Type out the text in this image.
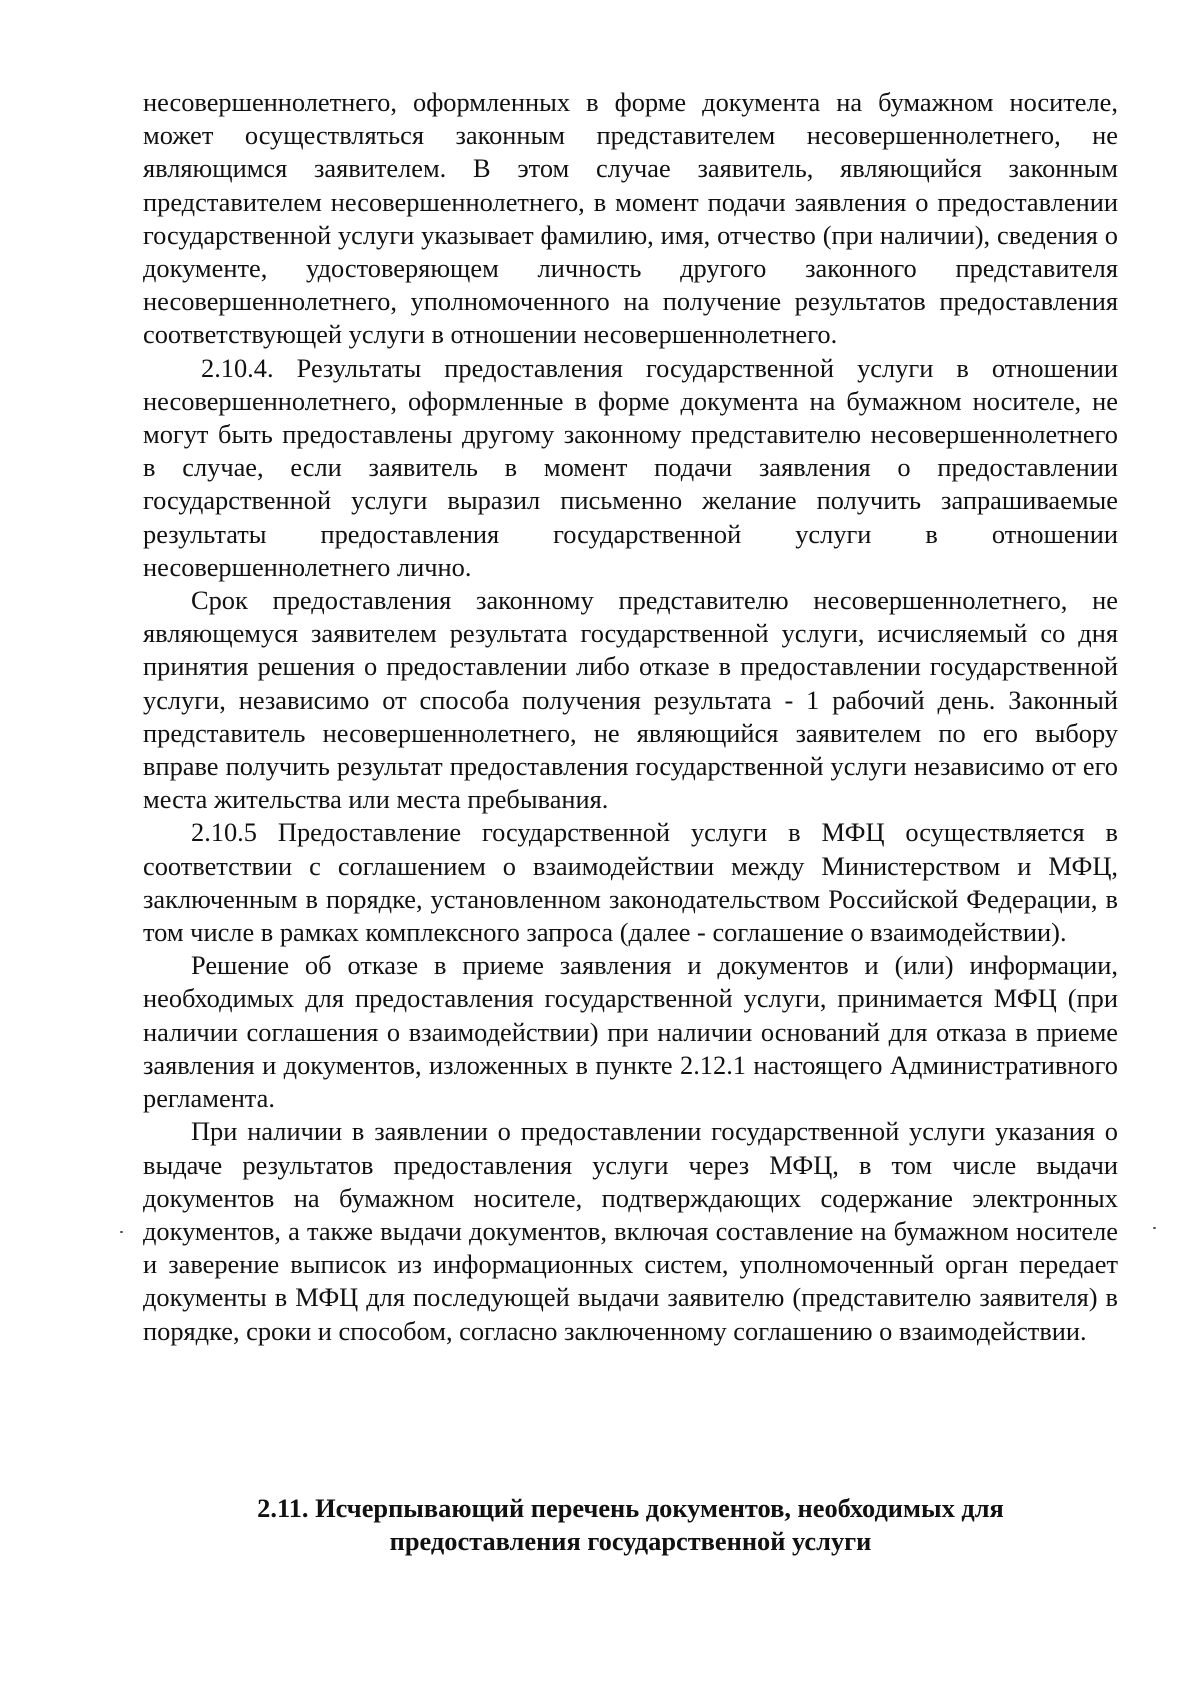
несовершеннолетнего, оформленных в форме документа на бумажном носителе, может осуществляться законным представителем несовершеннолетнего, не являющимся заявителем. В этом случае заявитель, являющийся законным представителем несовершеннолетнего, в момент подачи заявления о предоставлении государственной услуги указывает фамилию, имя, отчество (при наличии), сведения о документе, удостоверяющем личность другого законного представителя несовершеннолетнего, уполномоченного на получение результатов предоставления соответствующей услуги в отношении несовершеннолетнего.

2.10.4. Результаты предоставления государственной услуги в отношении несовершеннолетнего, оформленные в форме документа на бумажном носителе, не могут быть предоставлены другому законному представителю несовершеннолетнего в случае, если заявитель в момент подачи заявления о предоставлении государственной услуги выразил письменно желание получить запрашиваемые результаты предоставления государственной услуги в отношении несовершеннолетнего лично.

Срок предоставления законному представителю несовершеннолетнего, не являющемуся заявителем результата государственной услуги, исчисляемый со дня принятия решения о предоставлении либо отказе в предоставлении государственной услуги, независимо от способа получения результата - 1 рабочий день. Законный представитель несовершеннолетнего, не являющийся заявителем по его выбору вправе получить результат предоставления государственной услуги независимо от его места жительства или места пребывания.

2.10.5 Предоставление государственной услуги в МФЦ осуществляется в соответствии с соглашением о взаимодействии между Министерством и МФЦ, заключенным в порядке, установленном законодательством Российской Федерации, в том числе в рамках комплексного запроса (далее - соглашение о взаимодействии).

Решение об отказе в приеме заявления и документов и (или) информации, необходимых для предоставления государственной услуги, принимается МФЦ (при наличии соглашения о взаимодействии) при наличии оснований для отказа в приеме заявления и документов, изложенных в пункте 2.12.1 настоящего Административного регламента.

При наличии в заявлении о предоставлении государственной услуги указания о выдаче результатов предоставления услуги через МФЦ, в том числе выдачи документов на бумажном носителе, подтверждающих содержание электронных документов, а также выдачи документов, включая составление на бумажном носителе и заверение выписок из информационных систем, уполномоченный орган передает документы в МФЦ для последующей выдачи заявителю (представителю заявителя) в порядке, сроки и способом, согласно заключенному соглашению о взаимодействии.

2.11. Исчерпывающий перечень документов, необходимых для
предоставления государственной услуги
